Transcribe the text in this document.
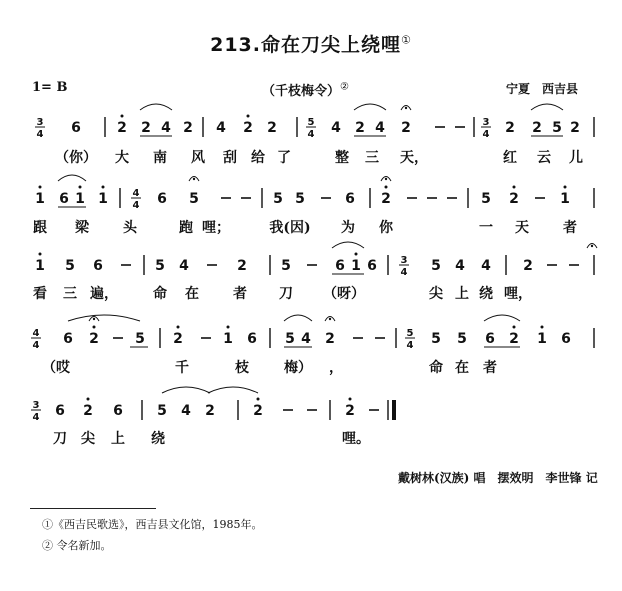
213.命在刀尖上绕哩①
1= B	（千枝梅令）②	宁夏　西吉县
3
4 6	2 2 4 2 4 2 2	5
4 4 2 4 2	3
4 2 2 5 2
（你） 大 南 风 刮 给 了	整 三 天，	红 云 儿
1 6 1 1 4
4 6 5	5 5	6 2	5 2	1
跟 梁 头	跑 哩；	我(因) 为 你	一 天 者
1 5 6	5 4	2 5	6 1 6 3
4 5 4 4 2
看 三 遍，	命 在 者 刀 （呀）	尖 上 绕 哩，
4
4 6 2	5 2	1 6 5 4 2	5
4 5 5 6 2 1 6
（哎	千	枝	梅） ，	命 在 者
3
4 6 2 6 5 4 2	2	2
刀 尖 上 绕	哩。
戴树林(汉族) 唱　摆效明　李世锋 记
①《西吉民歌选》，西吉县文化馆，1985年。
② 令名新加。
